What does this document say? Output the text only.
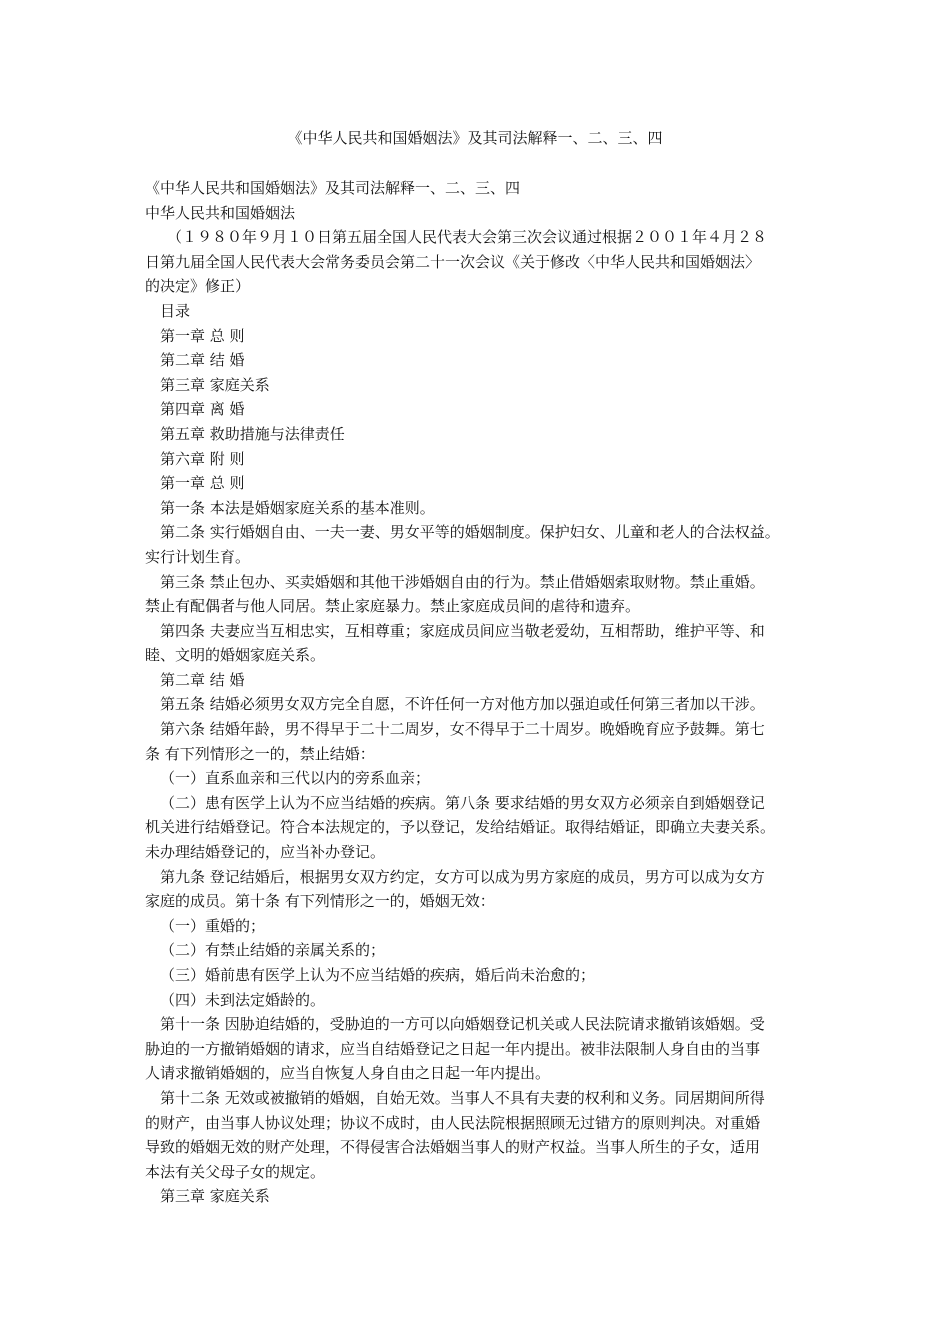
《中华人民共和国婚姻法》及其司法解释一、二、三、四
《中华人民共和国婚姻法》及其司法解释一、二、三、四
中华人民共和国婚姻法
（１９８０年９月１０日第五届全国人民代表大会第三次会议通过根据２００１年４月２８
日第九届全国人民代表大会常务委员会第二十一次会议《关于修改〈中华人民共和国婚姻法〉
的决定》修正）
目录
第一章 总 则
第二章 结 婚
第三章 家庭关系
第四章 离 婚
第五章 救助措施与法律责任
第六章 附 则
第一章 总 则
第一条 本法是婚姻家庭关系的基本准则。
第二条 实行婚姻自由、一夫一妻、男女平等的婚姻制度。保护妇女、儿童和老人的合法权益。
实行计划生育。
第三条 禁止包办、买卖婚姻和其他干涉婚姻自由的行为。禁止借婚姻索取财物。禁止重婚。
禁止有配偶者与他人同居。禁止家庭暴力。禁止家庭成员间的虐待和遗弃。
第四条 夫妻应当互相忠实，互相尊重；家庭成员间应当敬老爱幼，互相帮助，维护平等、和
睦、文明的婚姻家庭关系。
第二章 结 婚
第五条 结婚必须男女双方完全自愿，不许任何一方对他方加以强迫或任何第三者加以干涉。
第六条 结婚年龄，男不得早于二十二周岁，女不得早于二十周岁。晚婚晚育应予鼓舞。第七
条 有下列情形之一的，禁止结婚：
（一）直系血亲和三代以内的旁系血亲；
（二）患有医学上认为不应当结婚的疾病。第八条 要求结婚的男女双方必须亲自到婚姻登记
机关进行结婚登记。符合本法规定的，予以登记，发给结婚证。取得结婚证，即确立夫妻关系。
未办理结婚登记的，应当补办登记。
第九条 登记结婚后，根据男女双方约定，女方可以成为男方家庭的成员，男方可以成为女方
家庭的成员。第十条 有下列情形之一的，婚姻无效：
（一）重婚的；
（二）有禁止结婚的亲属关系的；
（三）婚前患有医学上认为不应当结婚的疾病，婚后尚未治愈的；
（四）未到法定婚龄的。
第十一条 因胁迫结婚的，受胁迫的一方可以向婚姻登记机关或人民法院请求撤销该婚姻。受
胁迫的一方撤销婚姻的请求，应当自结婚登记之日起一年内提出。被非法限制人身自由的当事
人请求撤销婚姻的，应当自恢复人身自由之日起一年内提出。
第十二条 无效或被撤销的婚姻，自始无效。当事人不具有夫妻的权利和义务。同居期间所得
的财产，由当事人协议处理；协议不成时，由人民法院根据照顾无过错方的原则判决。对重婚
导致的婚姻无效的财产处理，不得侵害合法婚姻当事人的财产权益。当事人所生的子女，适用
本法有关父母子女的规定。
第三章 家庭关系
